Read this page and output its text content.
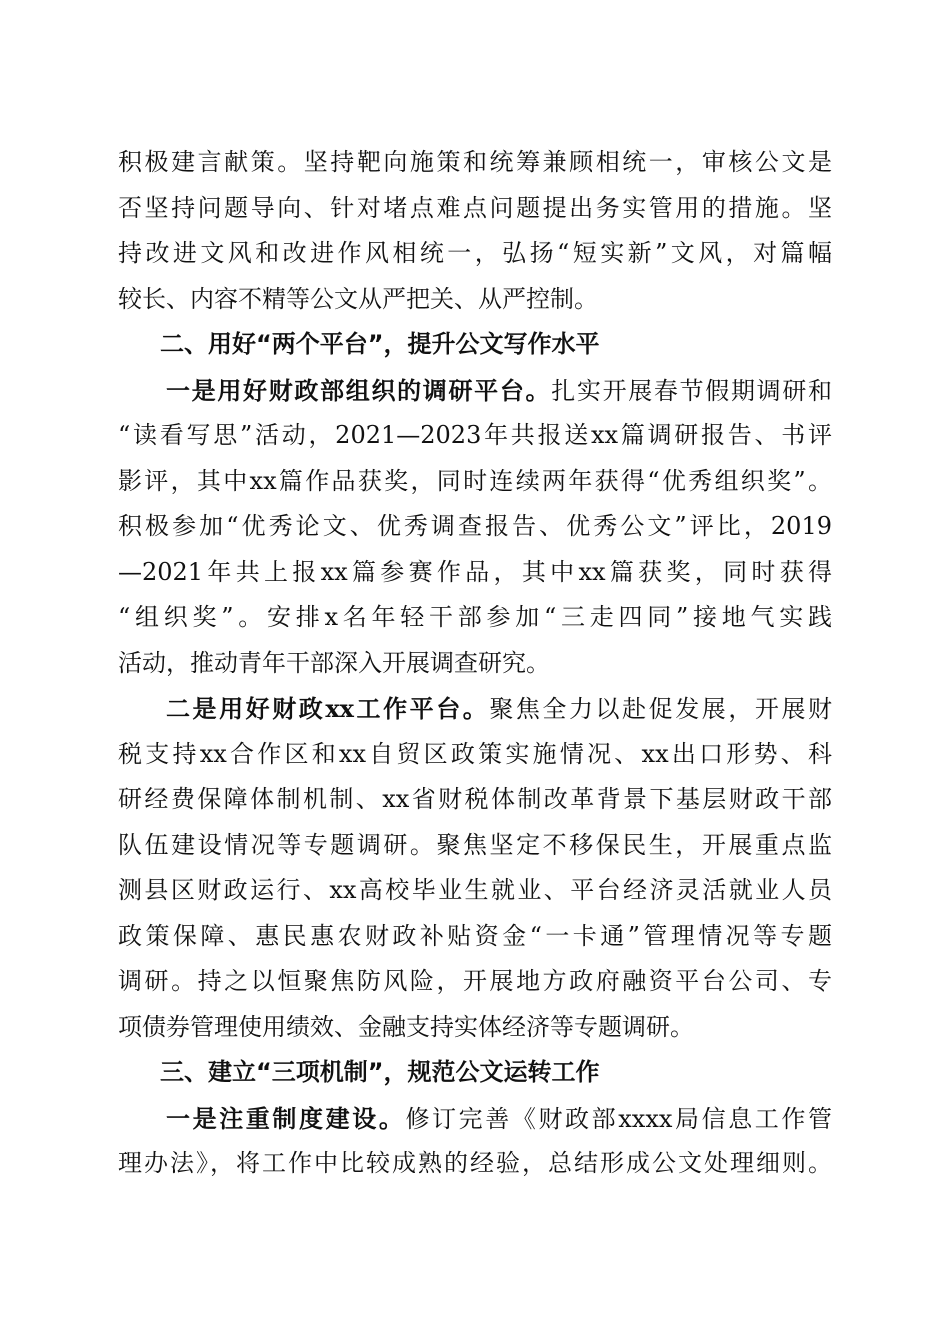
积极建言献策。坚持靶向施策和统筹兼顾相统一，审核公文是
否坚持问题导向、针对堵点难点问题提出务实管用的措施。坚
持改进文风和改进作风相统一，弘扬“短实新”文风，对篇幅
较长、内容不精等公文从严把关、从严控制。
二、用好“两个平台”，提升公文写作水平
一是用好财政部组织的调研平台。扎实开展春节假期调研和
“读看写思”活动，2021—2023年共报送xx篇调研报告、书评
影评，其中xx篇作品获奖，同时连续两年获得“优秀组织奖”。
积极参加“优秀论文、优秀调查报告、优秀公文”评比，2019
—2021年共上报xx篇参赛作品，其中xx篇获奖，同时获得
“组织奖”。安排x名年轻干部参加“三走四同”接地气实践
活动，推动青年干部深入开展调查研究。
二是用好财政xx工作平台。聚焦全力以赴促发展，开展财
税支持xx合作区和xx自贸区政策实施情况、xx出口形势、科
研经费保障体制机制、xx省财税体制改革背景下基层财政干部
队伍建设情况等专题调研。聚焦坚定不移保民生，开展重点监
测县区财政运行、xx高校毕业生就业、平台经济灵活就业人员
政策保障、惠民惠农财政补贴资金“一卡通”管理情况等专题
调研。持之以恒聚焦防风险，开展地方政府融资平台公司、专
项债券管理使用绩效、金融支持实体经济等专题调研。
三、建立“三项机制”，规范公文运转工作
一是注重制度建设。修订完善《财政部xxxx局信息工作管
理办法》，将工作中比较成熟的经验，总结形成公文处理细则。
